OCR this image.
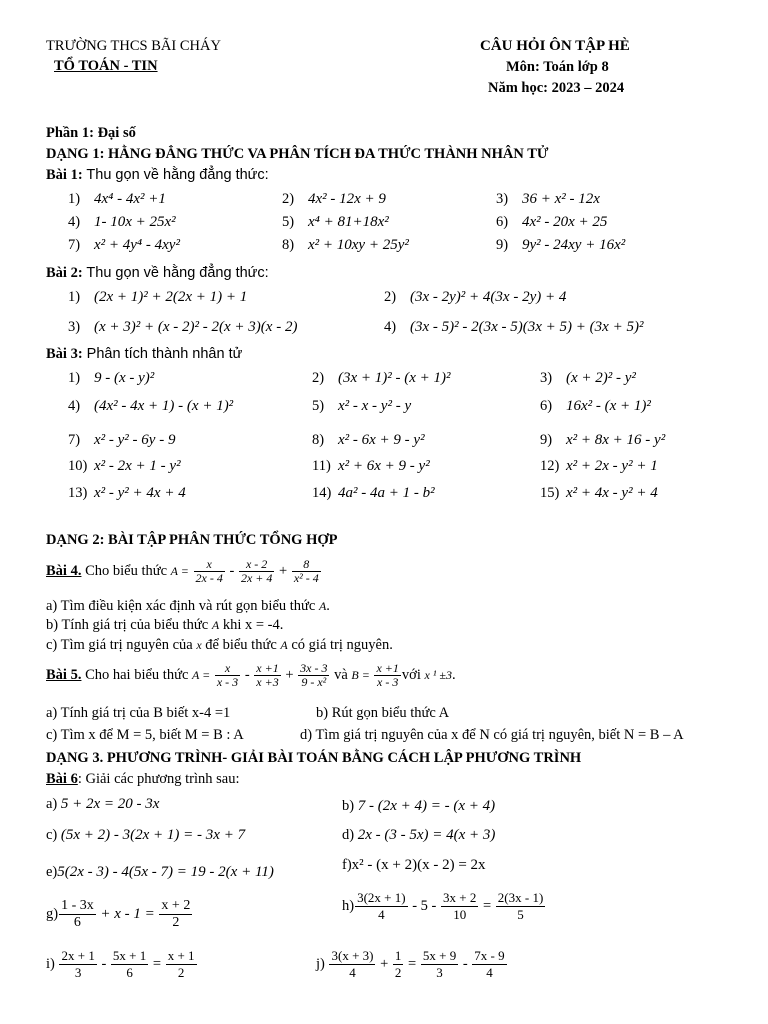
TRƯỜNG THCS BÃI CHÁY
TỔ TOÁN - TIN
CÂU HỎI ÔN TẬP HÈ
Môn: Toán lớp 8
Năm học: 2023 – 2024
Phần 1: Đại số
DẠNG 1: HẰNG ĐẲNG THỨC VA PHÂN TÍCH ĐA THỨC THÀNH NHÂN TỬ
Bài 1: Thu gọn về hằng đẳng thức:
1) 4x⁴ - 4x² +1	2) 4x² - 12x + 9	3) 36 + x² - 12x
4) 1- 10x + 25x²	5) x⁴ + 81+18x²	6) 4x² - 20x + 25
7) x² + 4y⁴ - 4xy²	8) x² + 10xy + 25y²	9) 9y² - 24xy + 16x²
Bài 2: Thu gọn về hằng đẳng thức:
1) (2x + 1)² + 2(2x + 1) + 1	2) (3x - 2y)² + 4(3x - 2y) + 4
3) (x + 3)² + (x - 2)² - 2(x + 3)(x - 2)	4) (3x - 5)² - 2(3x - 5)(3x + 5) + (3x + 5)²
Bài 3: Phân tích thành nhân tử
1) 9 - (x - y)²	2) (3x + 1)² - (x + 1)²	3) (x + 2)² - y²
4) (4x² - 4x + 1) - (x + 1)²	5) x² - x - y² - y	6) 16x² - (x + 1)²
7) x² - y² - 6y - 9	8) x² - 6x + 9 - y²	9) x² + 8x + 16 - y²
10) x² - 2x + 1 - y²	11) x² + 6x + 9 - y²	12) x² + 2x - y² + 1
13) x² - y² + 4x + 4	14) 4a² - 4a + 1 - b²	15) x² + 4x - y² + 4
DẠNG 2: BÀI TẬP PHÂN THỨC TỔNG HỢP
Bài 4. Cho biểu thức $A = \frac{x}{2x - 4} - \frac{x - 2}{2x + 4} + \frac{8}{\text{x² - 4}}$
a) Tìm điều kiện xác định và rút gọn biểu thức A.
b) Tính giá trị của biểu thức A khi x = -4.
c) Tìm giá trị nguyên của x để biểu thức A có giá trị nguyên.
Bài 5. Cho hai biểu thức $A = \frac{x}{x - 3} - \frac{x +1}{x +3} + \frac{3x - 3}{\text{9 - x²}}$ và $B = \frac{x +1}{x - 3}$ với x ¹ ±3.
a) Tính giá trị của B biết x-4 =1	b) Rút gọn biểu thức A
c) Tìm x để M = 5, biết M = B : A	d) Tìm giá trị nguyên của x để N có giá trị nguyên, biết N = B – A
DẠNG 3. PHƯƠNG TRÌNH- GIẢI BÀI TOÁN BẰNG CÁCH LẬP PHƯƠNG TRÌNH
Bài 6: Giải các phương trình sau:
a) 5 + 2x = 20 - 3x	b) 7 - (2x + 4) = - (x + 4)
c) (5x + 2) - 3(2x + 1) = - 3x + 7	d) 2x - (3 - 5x) = 4(x + 3)
e)5(2x - 3) - 4(5x - 7) = 19 - 2(x + 11)	f)x² - (x + 2)(x - 2) = 2x
$g) \frac{1 - 3x}{6} + x - 1 = \frac{x + 2}{2}$	$h) \frac{3(2x + 1)}{4} - 5 - \frac{3x + 2}{10} = \frac{2(3x - 1)}{5}$
$i) \frac{2x + 1}{3} - \frac{5x + 1}{6} = \frac{x + 1}{2}$	$j) \frac{3(x + 3)}{4} + \frac{1}{2} = \frac{5x + 9}{3} - \frac{7x - 9}{4}$
